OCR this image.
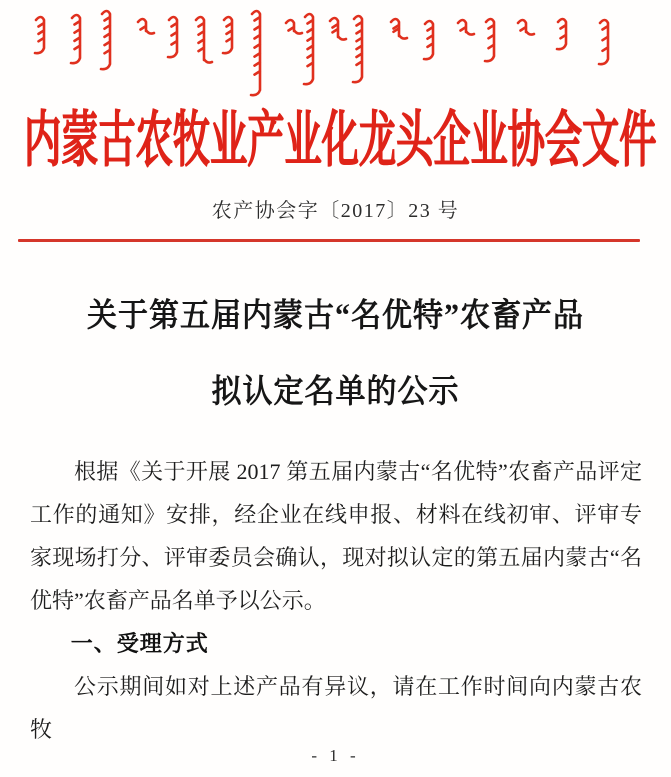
内蒙古农牧业产业化龙头企业协会文件
农产协会字〔2017〕23 号
关于第五届内蒙古“名优特”农畜产品
拟认定名单的公示

根据《关于开展 2017 第五届内蒙古“名优特”农畜产品评定工作的通知》安排，经企业在线申报、材料在线初审、评审专家现场打分、评审委员会确认，现对拟认定的第五届内蒙古“名优特”农畜产品名单予以公示。

一、受理方式

公示期间如对上述产品有异议，请在工作时间向内蒙古农牧

- 1 -
